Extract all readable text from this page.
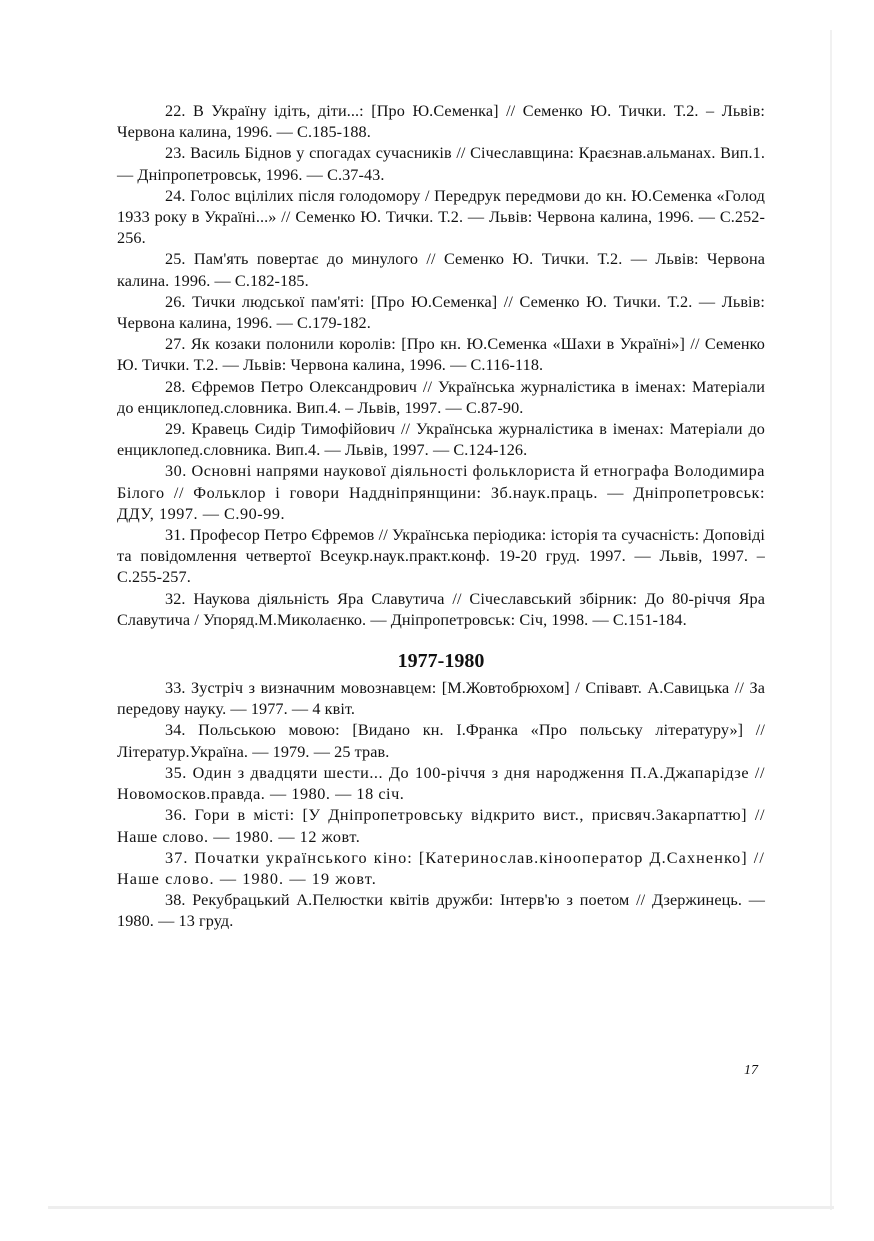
22. В Україну ідіть, діти...: [Про Ю.Семенка] // Семенко Ю. Тички. Т.2. – Львів: Червона калина, 1996. — С.185-188.

23. Василь Біднов у спогадах сучасників // Січеславщина: Краєзнав.альманах. Вип.1. — Дніпропетровськ, 1996. — С.37-43.

24. Голос вцілілих після голодомору / Передрук передмови до кн. Ю.Семенка «Голод 1933 року в Україні...» // Семенко Ю. Тички. Т.2. — Львів: Червона калина, 1996. — С.252-256.

25. Пам'ять повертає до минулого // Семенко Ю. Тички. Т.2. — Львів: Червона калина. 1996. — С.182-185.

26. Тички людської пам'яті: [Про Ю.Семенка] // Семенко Ю. Тички. Т.2. — Львів: Червона калина, 1996. — С.179-182.

27. Як козаки полонили королів: [Про кн. Ю.Семенка «Шахи в Україні»] // Семенко Ю. Тички. Т.2. — Львів: Червона калина, 1996. — С.116-118.

28. Єфремов Петро Олександрович // Українська журналістика в іменах: Матеріали до енциклопед.словника. Вип.4. – Львів, 1997. — С.87-90.

29. Кравець Сидір Тимофійович // Українська журналістика в іменах: Матеріали до енциклопед.словника. Вип.4. — Львів, 1997. — С.124-126.

30. Основні напрями наукової діяльності фольклориста й етнографа Володимира Білого // Фольклор і говори Наддніпрянщини: Зб.наук.праць. — Дніпропетровськ: ДДУ, 1997. — С.90-99.

31. Професор Петро Єфремов // Українська періодика: історія та сучасність: Доповіді та повідомлення четвертої Всеукр.наук.практ.конф. 19-20 груд. 1997. — Львів, 1997. – С.255-257.

32. Наукова діяльність Яра Славутича // Січеславський збірник: До 80-річчя Яра Славутича / Упоряд.М.Миколаєнко. — Дніпропетровськ: Січ, 1998. — С.151-184.

1977-1980

33. Зустріч з визначним мовознавцем: [М.Жовтобрюхом] / Співавт. А.Савицька // За передову науку. — 1977. — 4 квіт.

34. Польською мовою: [Видано кн. І.Франка «Про польську літературу»] // Літератур.Україна. — 1979. — 25 трав.

35. Один з двадцяти шести... До 100-річчя з дня народження П.А.Джапарідзе // Новомосков.правда. — 1980. — 18 січ.

36. Гори в місті: [У Дніпропетровську відкрито вист., присвяч.Закарпаттю] // Наше слово. — 1980. — 12 жовт.

37. Початки українського кіно: [Катеринослав.кінооператор Д.Сахненко] // Наше слово. — 1980. — 19 жовт.

38. Рекубрацький А.Пелюстки квітів дружби: Інтерв'ю з поетом // Дзержинець. — 1980. — 13 груд.

17
